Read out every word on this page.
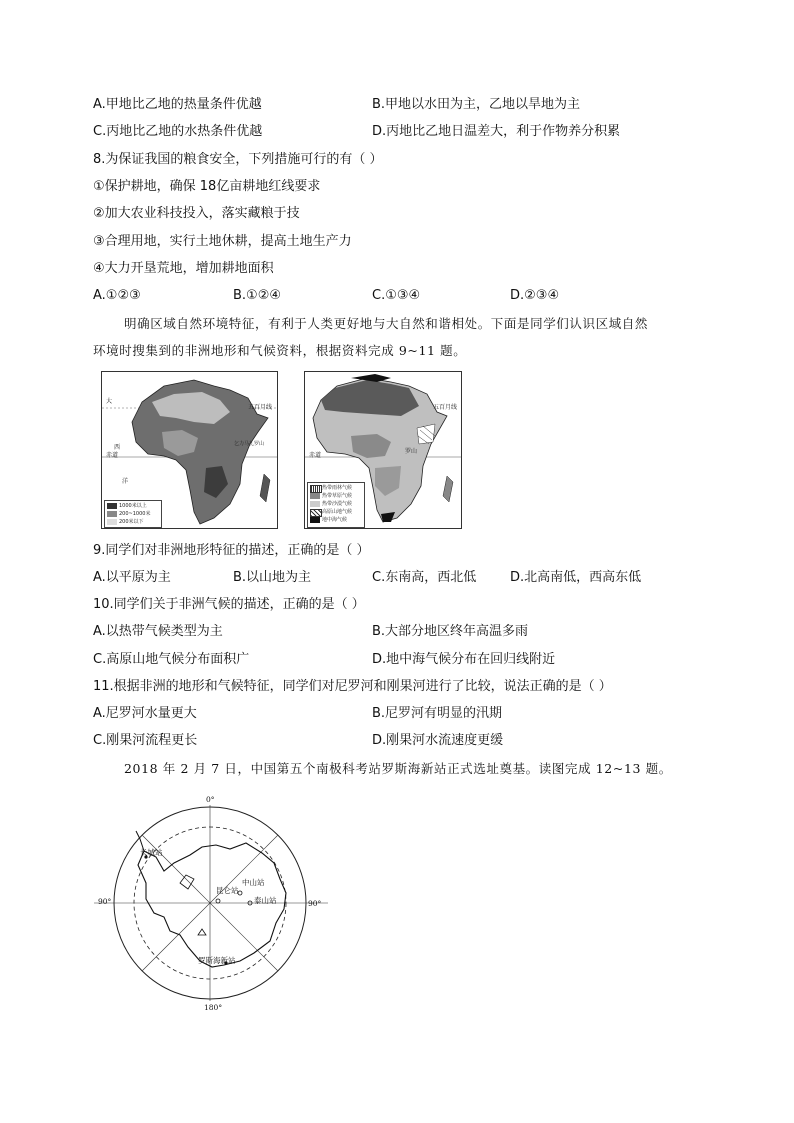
A.甲地比乙地的热量条件优越	B.甲地以水田为主，乙地以旱地为主
C.丙地比乙地的水热条件优越	D.丙地比乙地日温差大，利于作物养分积累
8.为保证我国的粮食安全，下列措施可行的有（ ）
①保护耕地，确保 18亿亩耕地红线要求
②加大农业科技投入，落实藏粮于技
③合理用地，实行土地休耕，提高土地生产力
④大力开垦荒地，增加耕地面积
A.①②③	B.①②④	C.①③④	D.②③④
明确区域自然环境特征，有利于人类更好地与大自然和谐相处。下面是同学们认识区域自然
环境时搜集到的非洲地形和气候资料，根据资料完成 9~11 题。
大
西
赤道
洋
五百月线
乞力马扎罗山
1000米以上
200~1000米
200米以下
赤道
罗山
五百月线
热带雨林气候
热带草原气候
热带沙漠气候
高原山地气候
地中海气候
9.同学们对非洲地形特征的描述，正确的是（ ）
A.以平原为主	B.以山地为主	C.东南高，西北低	D.北高南低，西高东低
10.同学们关于非洲气候的描述，正确的是（ ）
A.以热带气候类型为主	B.大部分地区终年高温多雨
C.高原山地气候分布面积广	D.地中海气候分布在回归线附近
11.根据非洲的地形和气候特征，同学们对尼罗河和刚果河进行了比较，说法正确的是（ ）
A.尼罗河水量更大	B.尼罗河有明显的汛期
C.刚果河流程更长	D.刚果河水流速度更缓
2018 年 2 月 7 日，中国第五个南极科考站罗斯海新站正式选址奠基。读图完成 12~13 题。
0°
90°	90°
180°
长城站
昆仑站
中山站
泰山站
罗斯海新站
